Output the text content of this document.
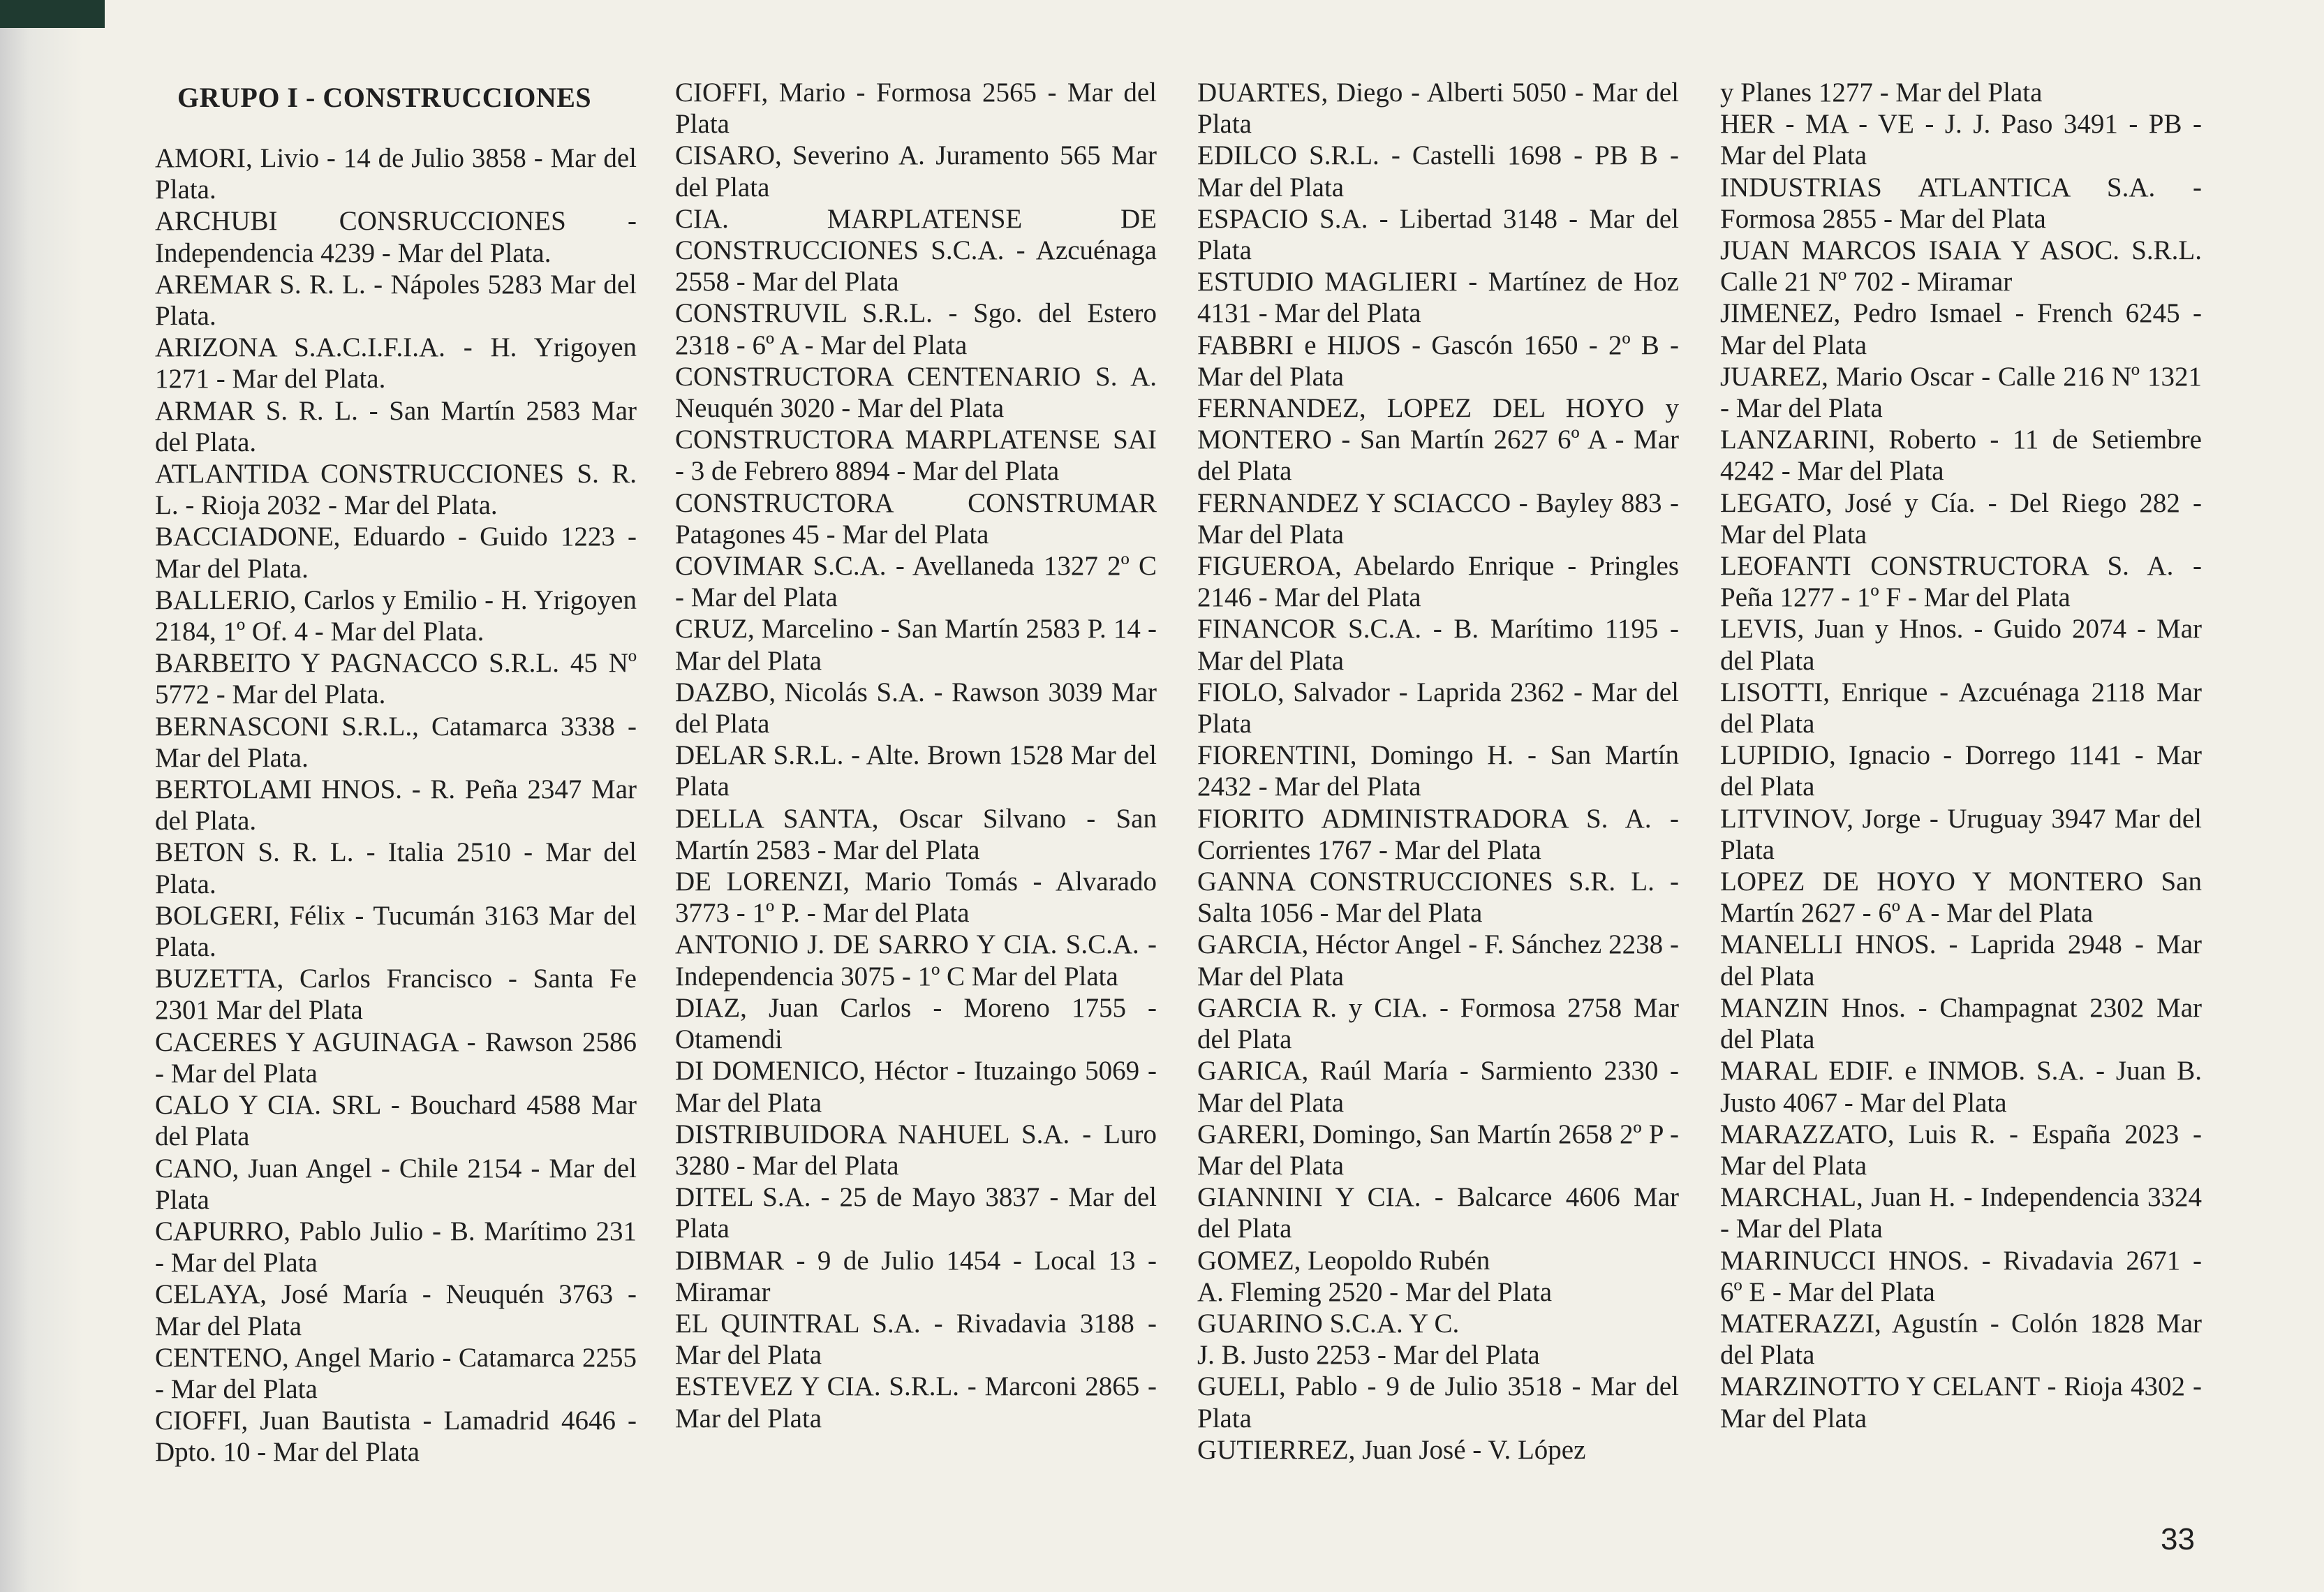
GRUPO I - CONSTRUCCIONES

AMORI, Livio - 14 de Julio 3858 - Mar del Plata.

ARCHUBI CONSRUCCIONES - Independencia 4239 - Mar del Plata.

AREMAR S. R. L. - Nápoles 5283 Mar del Plata.

ARIZONA S.A.C.I.F.I.A. - H. Yrigoyen 1271 - Mar del Plata.

ARMAR S. R. L. - San Martín 2583 Mar del Plata.

ATLANTIDA CONSTRUCCIONES S. R. L. - Rioja 2032 - Mar del Plata.

BACCIADONE, Eduardo - Guido 1223 - Mar del Plata.

BALLERIO, Carlos y Emilio - H. Yrigoyen 2184, 1º Of. 4 - Mar del Plata.

BARBEITO Y PAGNACCO S.R.L. 45 Nº 5772 - Mar del Plata.

BERNASCONI S.R.L., Catamarca 3338 - Mar del Plata.

BERTOLAMI HNOS. - R. Peña 2347 Mar del Plata.

BETON S. R. L. - Italia 2510 - Mar del Plata.

BOLGERI, Félix - Tucumán 3163 Mar del Plata.

BUZETTA, Carlos Francisco - Santa Fe 2301 Mar del Plata

CACERES Y AGUINAGA - Rawson 2586 - Mar del Plata

CALO Y CIA. SRL - Bouchard 4588 Mar del Plata

CANO, Juan Angel - Chile 2154 - Mar del Plata

CAPURRO, Pablo Julio - B. Marítimo 231 - Mar del Plata

CELAYA, José María - Neuquén 3763 - Mar del Plata

CENTENO, Angel Mario - Catamarca 2255 - Mar del Plata

CIOFFI, Juan Bautista - Lamadrid 4646 - Dpto. 10 - Mar del Plata

CIOFFI, Mario - Formosa 2565 - Mar del Plata

CISARO, Severino A. Juramento 565 Mar del Plata

CIA. MARPLATENSE DE CONSTRUCCIONES S.C.A. - Azcuénaga 2558 - Mar del Plata

CONSTRUVIL S.R.L. - Sgo. del Estero 2318 - 6º A - Mar del Plata

CONSTRUCTORA CENTENARIO S. A. Neuquén 3020 - Mar del Plata

CONSTRUCTORA MARPLATENSE SAI - 3 de Febrero 8894 - Mar del Plata

CONSTRUCTORA CONSTRUMAR Patagones 45 - Mar del Plata

COVIMAR S.C.A. - Avellaneda 1327 2º C - Mar del Plata

CRUZ, Marcelino - San Martín 2583 P. 14 - Mar del Plata

DAZBO, Nicolás S.A. - Rawson 3039 Mar del Plata

DELAR S.R.L. - Alte. Brown 1528 Mar del Plata

DELLA SANTA, Oscar Silvano - San Martín 2583 - Mar del Plata

DE LORENZI, Mario Tomás - Alvarado 3773 - 1º P. - Mar del Plata

ANTONIO J. DE SARRO Y CIA. S.C.A. - Independencia 3075 - 1º C Mar del Plata

DIAZ, Juan Carlos - Moreno 1755 - Otamendi

DI DOMENICO, Héctor - Ituzaingo 5069 - Mar del Plata

DISTRIBUIDORA NAHUEL S.A. - Luro 3280 - Mar del Plata

DITEL S.A. - 25 de Mayo 3837 - Mar del Plata

DIBMAR - 9 de Julio 1454 - Local 13 - Miramar

EL QUINTRAL S.A. - Rivadavia 3188 - Mar del Plata

ESTEVEZ Y CIA. S.R.L. - Marconi 2865 - Mar del Plata

DUARTES, Diego - Alberti 5050 - Mar del Plata

EDILCO S.R.L. - Castelli 1698 - PB B - Mar del Plata

ESPACIO S.A. - Libertad 3148 - Mar del Plata

ESTUDIO MAGLIERI - Martínez de Hoz 4131 - Mar del Plata

FABBRI e HIJOS - Gascón 1650 - 2º B - Mar del Plata

FERNANDEZ, LOPEZ DEL HOYO y MONTERO - San Martín 2627 6º A - Mar del Plata

FERNANDEZ Y SCIACCO - Bayley 883 - Mar del Plata

FIGUEROA, Abelardo Enrique - Pringles 2146 - Mar del Plata

FINANCOR S.C.A. - B. Marítimo 1195 - Mar del Plata

FIOLO, Salvador - Laprida 2362 - Mar del Plata

FIORENTINI, Domingo H. - San Martín 2432 - Mar del Plata

FIORITO ADMINISTRADORA S. A. - Corrientes 1767 - Mar del Plata

GANNA CONSTRUCCIONES S.R. L. - Salta 1056 - Mar del Plata

GARCIA, Héctor Angel - F. Sánchez 2238 - Mar del Plata

GARCIA R. y CIA. - Formosa 2758 Mar del Plata

GARICA, Raúl María - Sarmiento 2330 - Mar del Plata

GARERI, Domingo, San Martín 2658 2º P - Mar del Plata

GIANNINI Y CIA. - Balcarce 4606 Mar del Plata

GOMEZ, Leopoldo Rubén

A. Fleming 2520 - Mar del Plata

GUARINO S.C.A. Y C.

J. B. Justo 2253 - Mar del Plata

GUELI, Pablo - 9 de Julio 3518 - Mar del Plata

GUTIERREZ, Juan José - V. López

y Planes 1277 - Mar del Plata

HER - MA - VE - J. J. Paso 3491 - PB - Mar del Plata

INDUSTRIAS ATLANTICA S.A. - Formosa 2855 - Mar del Plata

JUAN MARCOS ISAIA Y ASOC. S.R.L. Calle 21 Nº 702 - Miramar

JIMENEZ, Pedro Ismael - French 6245 - Mar del Plata

JUAREZ, Mario Oscar - Calle 216 Nº 1321 - Mar del Plata

LANZARINI, Roberto - 11 de Setiembre 4242 - Mar del Plata

LEGATO, José y Cía. - Del Riego 282 - Mar del Plata

LEOFANTI CONSTRUCTORA S. A. - Peña 1277 - 1º F - Mar del Plata

LEVIS, Juan y Hnos. - Guido 2074 - Mar del Plata

LISOTTI, Enrique - Azcuénaga 2118 Mar del Plata

LUPIDIO, Ignacio - Dorrego 1141 - Mar del Plata

LITVINOV, Jorge - Uruguay 3947 Mar del Plata

LOPEZ DE HOYO Y MONTERO San Martín 2627 - 6º A - Mar del Plata

MANELLI HNOS. - Laprida 2948 - Mar del Plata

MANZIN Hnos. - Champagnat 2302 Mar del Plata

MARAL EDIF. e INMOB. S.A. - Juan B. Justo 4067 - Mar del Plata

MARAZZATO, Luis R. - España 2023 - Mar del Plata

MARCHAL, Juan H. - Independencia 3324 - Mar del Plata

MARINUCCI HNOS. - Rivadavia 2671 - 6º E - Mar del Plata

MATERAZZI, Agustín - Colón 1828 Mar del Plata

MARZINOTTO Y CELANT - Rioja 4302 - Mar del Plata

33
